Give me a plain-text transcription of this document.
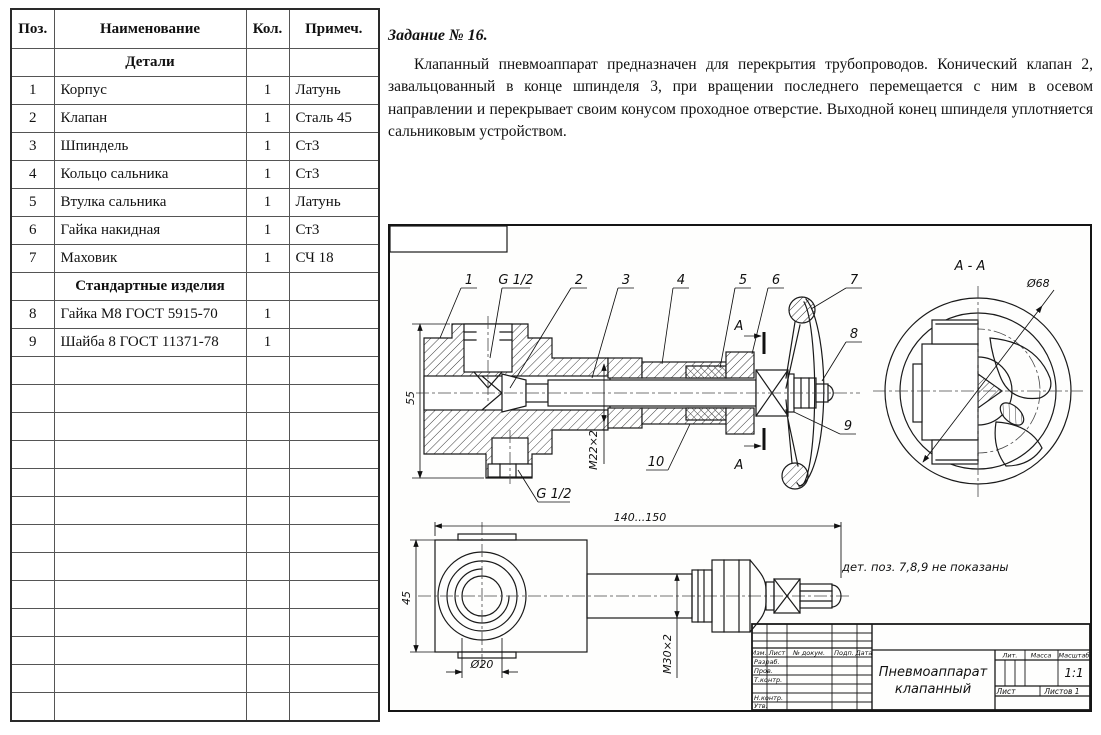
Поз.	Наименование	Кол.	Примеч.
	Детали		
1	Корпус	1	Латунь
2	Клапан	1	Сталь 45
3	Шпиндель	1	Ст3
4	Кольцо сальника	1	Ст3
5	Втулка сальника	1	Латунь
6	Гайка накидная	1	Ст3
7	Маховик	1	СЧ 18
	Стандартные изделия		
8	Гайка М8 ГОСТ 5915-70	1	
9	Шайба 8 ГОСТ 11371-78	1	

Задание № 16.

Клапанный пневмоаппарат предназначен для перекрытия трубопроводов. Конический клапан 2, завальцованный в конце шпинделя 3, при вращении последнего перемещается с ним в осевом направлении и перекрывает своим конусом проходное отверстие. Выходной конец шпинделя уплотняется сальниковым устройством.

А
А
55
М22×2
1 G 1/2	2	3	4	5 6	7
8
9
10
G 1/2
Ø68
А - А
140...150
45
Ø20	М30×2
дет. поз. 7,8,9 не показаны
Изм. Лист № докум. Подп. Дата
Разраб.
Пров.
Т.контр.
Н.контр.
Утв.
Лит. Масса Масштаб
1:1
Лист	Листов 1
Пневмоаппарат
клапанный
